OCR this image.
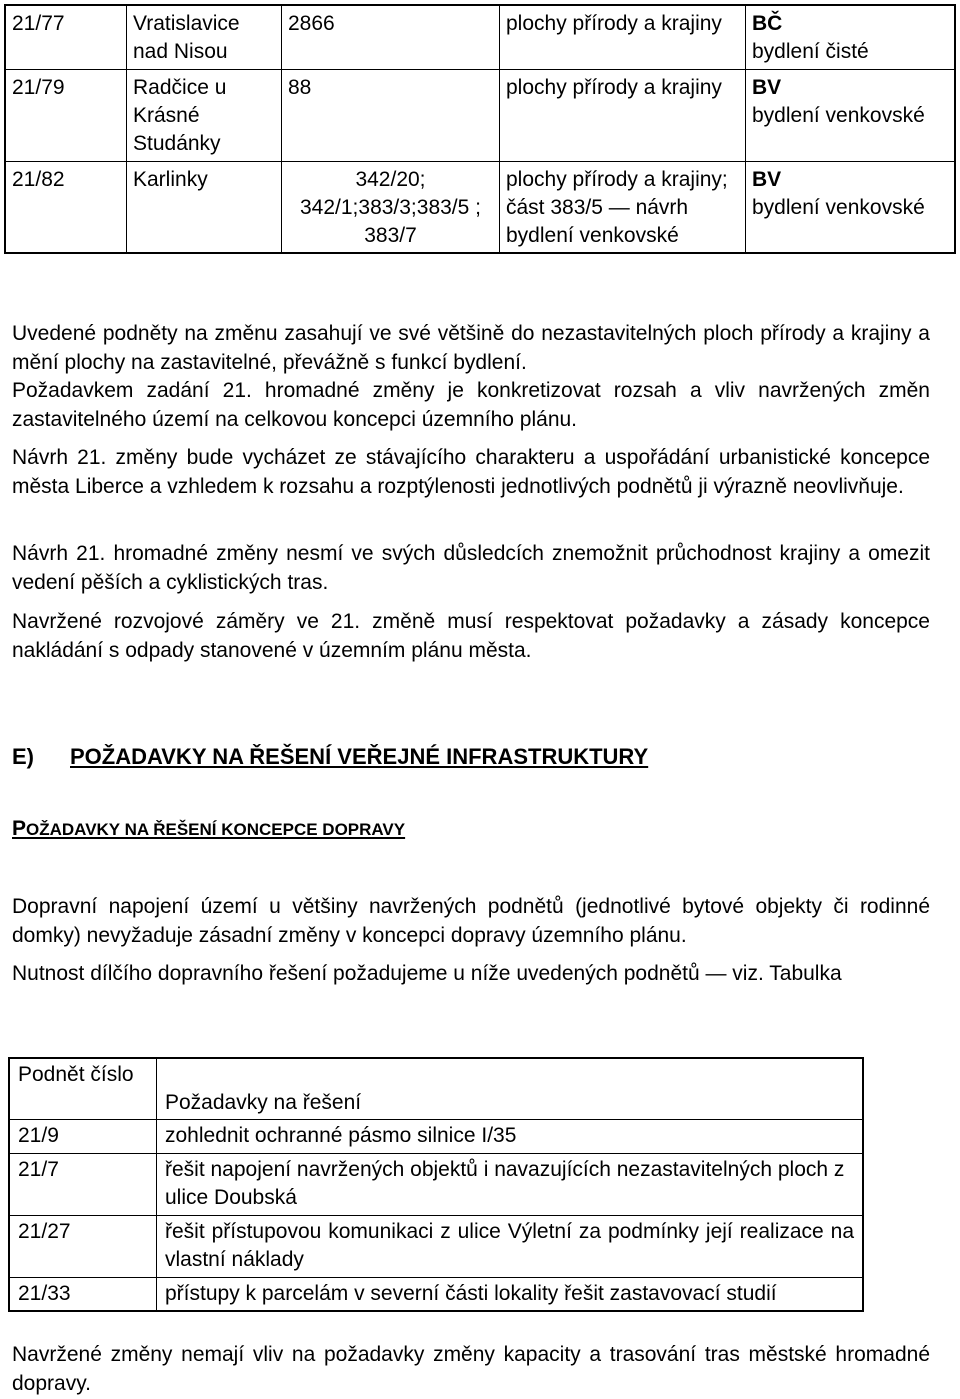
21/77	Vratislavice nad Nisou	2866	plochy přírody a krajiny	BČ
bydlení čisté
21/79	Radčice u Krásné Studánky	88	plochy přírody a krajiny	BV
bydlení venkovské
21/82	Karlinky	342/20; 342/1;383/3;383/5 ; 383/7	plochy přírody a krajiny; část 383/5 — návrh bydlení venkovské	BV
bydlení venkovské
Uvedené podněty na změnu zasahují ve své většině do nezastavitelných ploch přírody a krajiny a mění plochy na zastavitelné, převážně s funkcí bydlení.
Požadavkem zadání 21. hromadné změny je konkretizovat rozsah a vliv navržených změn zastavitelného území na celkovou koncepci územního plánu.
Návrh 21. změny bude vycházet ze stávajícího charakteru a uspořádání urbanistické koncepce města Liberce a vzhledem k rozsahu a rozptýlenosti jednotlivých podnětů ji výrazně neovlivňuje.
Návrh 21. hromadné změny nesmí ve svých důsledcích znemožnit průchodnost krajiny a omezit vedení pěších a cyklistických tras.
Navržené rozvojové záměry ve 21. změně musí respektovat požadavky a zásady koncepce nakládání s odpady stanovené v územním plánu města.
E) POŽADAVKY NA ŘEŠENÍ VEŘEJNÉ INFRASTRUKTURY
POŽADAVKY NA ŘEŠENÍ KONCEPCE DOPRAVY
Dopravní napojení území u většiny navržených podnětů (jednotlivé bytové objekty či rodinné domky) nevyžaduje zásadní změny v koncepci dopravy územního plánu.
Nutnost dílčího dopravního řešení požadujeme u níže uvedených podnětů — viz. Tabulka
Podnět číslo	Požadavky na řešení
21/9	zohlednit ochranné pásmo silnice I/35
21/7	řešit napojení navržených objektů i navazujících nezastavitelných ploch z ulice Doubská
21/27	řešit přístupovou komunikaci z ulice Výletní za podmínky její realizace na vlastní náklady
21/33	přístupy k parcelám v severní části lokality řešit zastavovací studií
Navržené změny nemají vliv na požadavky změny kapacity a trasování tras městské hromadné dopravy.
